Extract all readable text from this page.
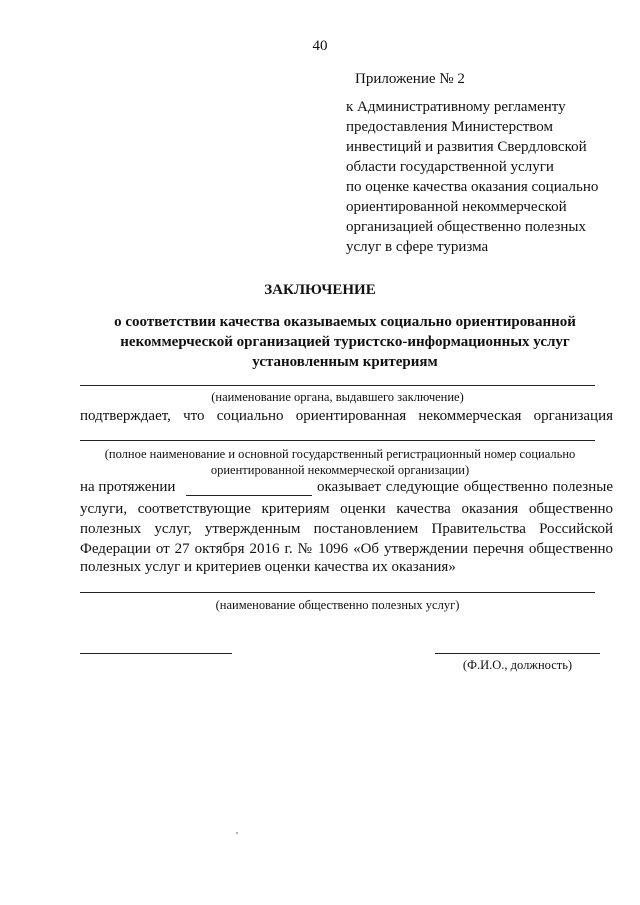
40
Приложение № 2
к Административному регламенту
предоставления Министерством
инвестиций и развития Свердловской
области государственной услуги
по оценке качества оказания социально
ориентированной некоммерческой
организацией общественно полезных
услуг в сфере туризма
ЗАКЛЮЧЕНИЕ
о соответствии качества оказываемых социально ориентированной
некоммерческой организацией туристско-информационных услуг
установленным критериям
(наименование органа, выдавшего заключение)
подтверждает, что социально ориентированная некоммерческая организация
(полное наименование и основной государственный регистрационный номер социально
ориентированной некоммерческой организации)
на протяжении	оказывает следующие общественно полезные
услуги, соответствующие критериям оценки качества оказания общественно
полезных услуг, утвержденным постановлением Правительства Российской
Федерации от 27 октября 2016 г. № 1096 «Об утверждении перечня общественно
полезных услуг и критериев оценки качества их оказания»
(наименование общественно полезных услуг)
(Ф.И.О., должность)
